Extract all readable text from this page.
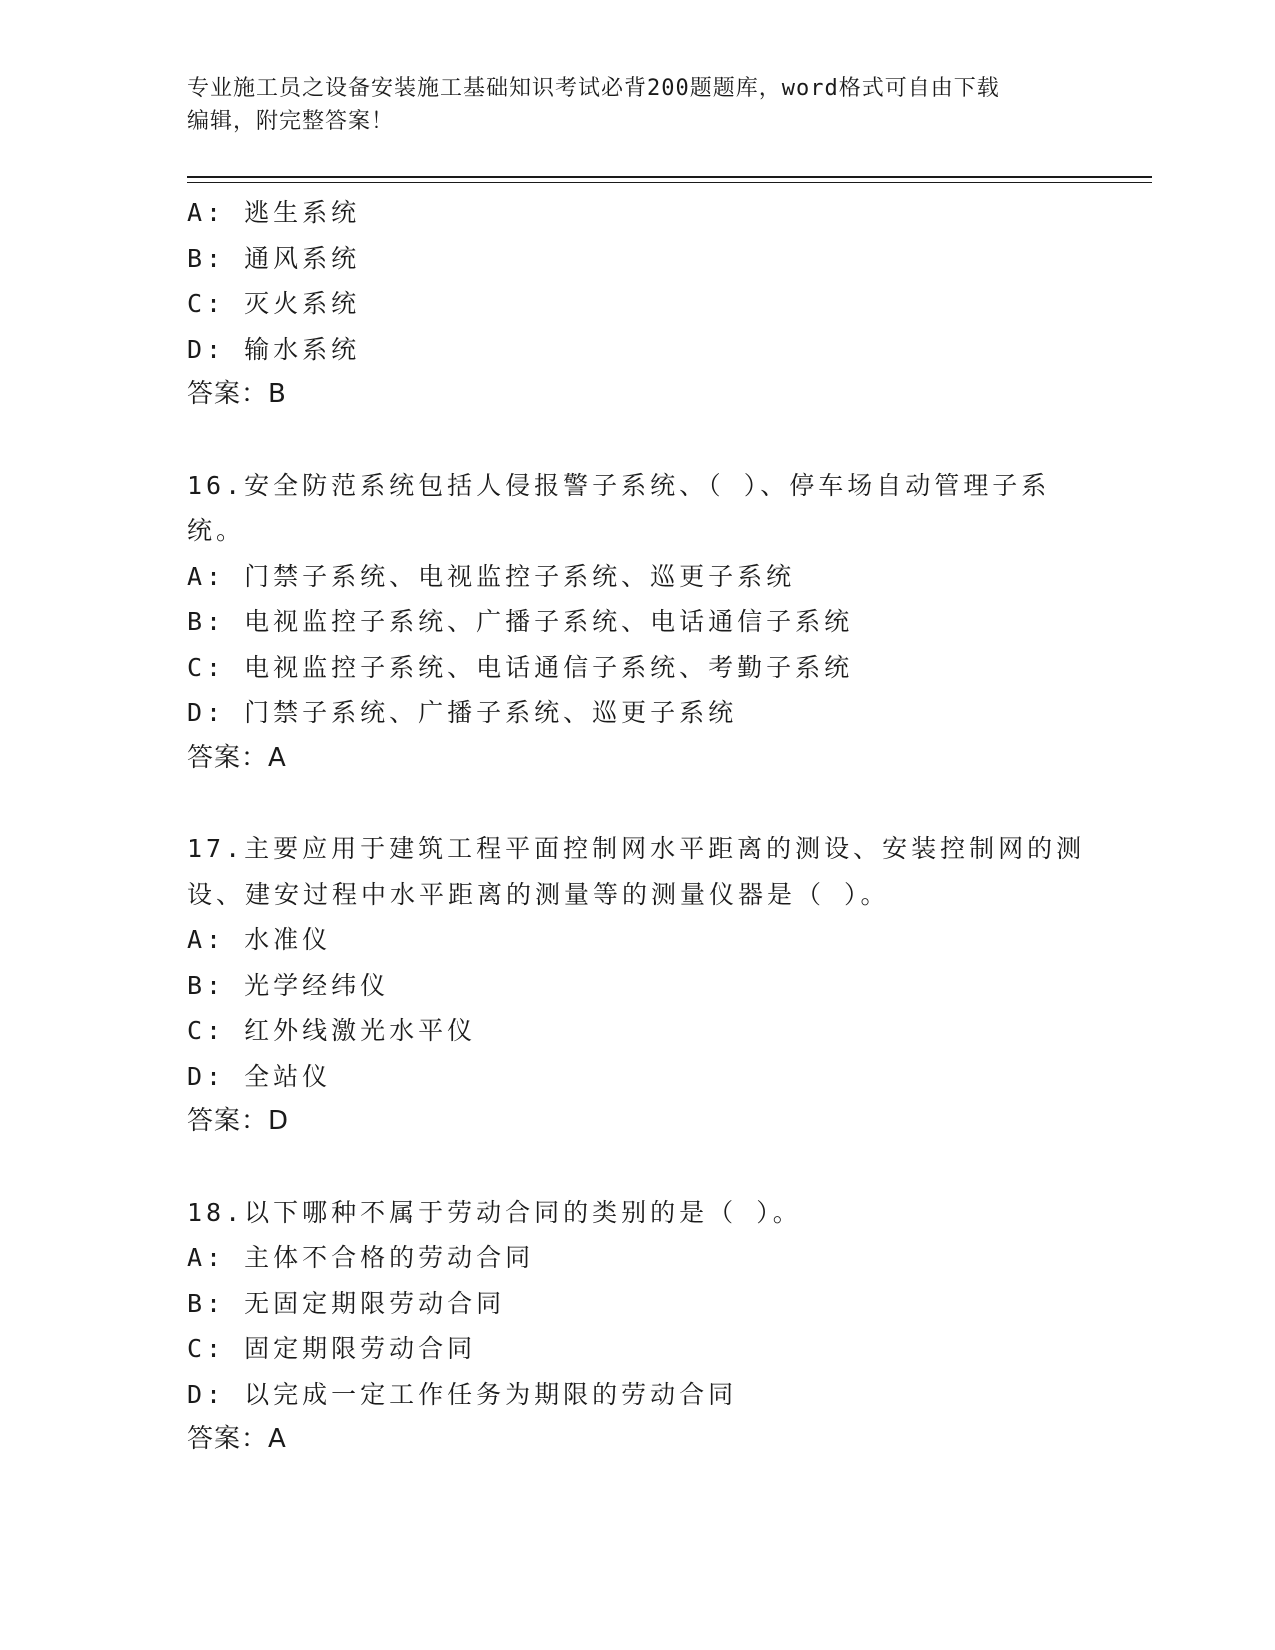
专业施工员之设备安装施工基础知识考试必背200题题库，word格式可自由下载
编辑，附完整答案！
A: 逃生系统
B: 通风系统
C: 灭火系统
D: 输水系统
答案：B
16.安全防范系统包括人侵报警子系统、（ ）、停车场自动管理子系
统。
A: 门禁子系统、电视监控子系统、巡更子系统
B: 电视监控子系统、广播子系统、电话通信子系统
C: 电视监控子系统、电话通信子系统、考勤子系统
D: 门禁子系统、广播子系统、巡更子系统
答案：A
17.主要应用于建筑工程平面控制网水平距离的测设、安装控制网的测
设、建安过程中水平距离的测量等的测量仪器是（ ）。
A: 水准仪
B: 光学经纬仪
C: 红外线激光水平仪
D: 全站仪
答案：D
18.以下哪种不属于劳动合同的类别的是（ ）。
A: 主体不合格的劳动合同
B: 无固定期限劳动合同
C: 固定期限劳动合同
D: 以完成一定工作任务为期限的劳动合同
答案：A
